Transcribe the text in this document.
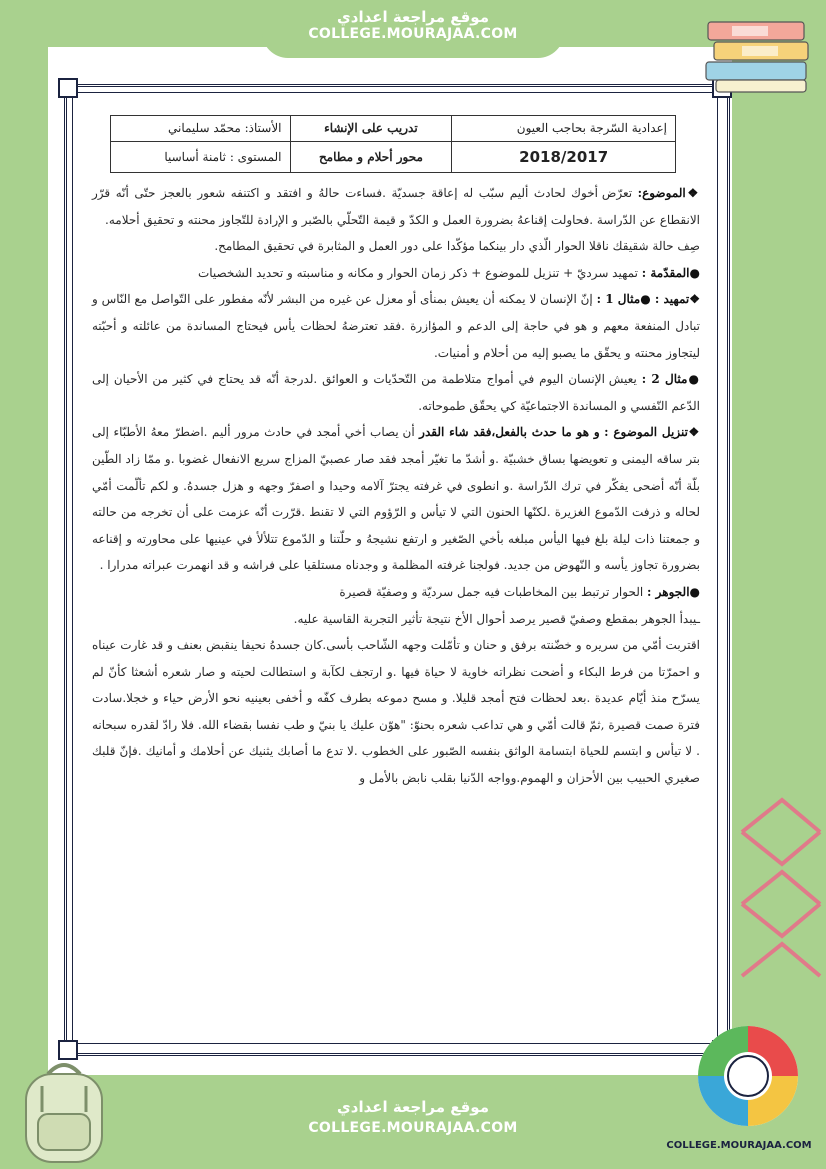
موقع مراجعة اعدادي
COLLEGE.MOURAJAA.COM
إعدادية السّرجة بحاجب العيون	تدريب على الإنشاء	الأستاذ: محمّد سليماني
2018/2017	محور أحلام و مطامح	المستوى : ثامنة أساسيا

❖الموضوع: تعرّض أخوك لحادث أليم سبّب له إعاقة جسديّة .فساءت حالهُ و افتقد و اكتنفه شعور بالعجز حتّى أنّه قرّر الانقطاع عن الدّراسة .فحاولت إقناعهُ بضرورة العمل و الكدّ و قيمة التّحلّي بالصّبر و الإرادة للتّجاوز محنته و تحقيق أحلامه.

صِف حالة شقيقك ناقلا الحوار الّذي دار بينكما مؤكّدا على دور العمل و المثابرة في تحقيق المطامح.

●المقدّمة : تمهيد سرديّ + تنزيل للموضوع + ذكر زمان الحوار و مكانه و مناسبته و تحديد الشخصيات

❖تمهيد : ●مثال 1 : إنّ الإنسان لا يمكنه أن يعيش بمنأى أو معزل عن غيره من البشر لأنّه مفطور على التّواصل مع النّاس و تبادل المنفعة معهم و هو في حاجة إلى الدعم و المؤازرة .فقد تعترضهُ لحظات يأس فيحتاج المساندة من عائلته و أحبّته ليتجاوز محنته و يحقّق ما يصبو إليه من أحلام و أمنيات.

●مثال 2 : يعيش الإنسان اليوم في أمواج متلاطمة من التّحدّيات و العوائق .لدرجة أنّه قد يحتاج في كثير من الأحيان إلى الدّعم النّفسي و المساندة الاجتماعيّة كي يحقّق طموحاته.

❖تنزيل الموضوع : و هو ما حدث بالفعل،فقد شاء القدر أن يصاب أخي أمجد في حادث مرور أليم .اضطرّ معهُ الأطبّاء إلى بتر ساقه اليمنى و تعويضها بساق خشبيّة .و أشدّ ما تغيّر أمجد فقد صار عصبيّ المزاج سريع الانفعال غضوبا .و ممّا زاد الطّين بلّة أنّه أضحى يفكّر في ترك الدّراسة .و انطوى في غرفته يجترّ آلامه وحيدا و اصفرّ وجهه و هزل جسدهُ. و لكم تألّمت أمّي لحاله و ذرفت الدّموع الغزيرة .لكنّها الحنون التي لا تيأس و الرّؤوم التي لا تقنط .قرّرت أنّه عزمت على أن تخرجه من حالته و جمعتنا ذات ليلة بلغ فيها اليأس مبلغه بأخي الصّغير و ارتفع نشيجهُ و حلّتنا و الدّموع تتلألأ في عينيها على محاورته و إقناعه بضرورة تجاوز يأسه و النّهوض من جديد. فولجنا غرفته المظلمة و وجدناه مستلقيا على فراشه و قد انهمرت عبراته مدرارا .

●الجوهر : الحوار ترتبط بين المخاطبات فيه جمل سرديّة و وصفيّة قصيرة

ـيبدأ الجوهر بمقطع وصفيّ قصير يرصد أحوال الأخ نتيجة تأثير التجربة القاسية عليه.

اقتربت أمّي من سريره و خضّنته برفق و حنان و تأمّلت وجهه الشّاحب بأسى.كان جسدهُ نحيفا ينقبض بعنف و قد غارت عيناه و احمرّتا من فرط البكاء و أضحت نظراته خاوية لا حياة فيها .و ارتجف لكآبة و استطالت لحيته و صار شعره أشعثا كأنّ لم يسرّح منذ أيّام عديدة .بعد لحظات فتح أمجد قليلا. و مسح دموعه بطرف كفّه و أخفى بعينيه نحو الأرض حياء و خجلا.سادت فترة صمت قصيرة ,ثمّ قالت أمّي و هي تداعب شعره بحنوّ: "هوّن عليك يا بنيّ و طب نفسا بقضاء الله. فلا رادّ لقدره سبحانه . لا تيأس و ابتسم للحياة ابتسامة الواثق بنفسه الصّبور على الخطوب .لا تدع ما أصابك يثنيك عن أحلامك و أمانيك .فإنّ قلبك صغيري الحبيب بين الأحزان و الهموم.وواجه الدّنيا بقلب نابض بالأمل و

موقع مراجعة اعدادي
COLLEGE.MOURAJAA.COM
COLLEGE.MOURAJAA.COM
